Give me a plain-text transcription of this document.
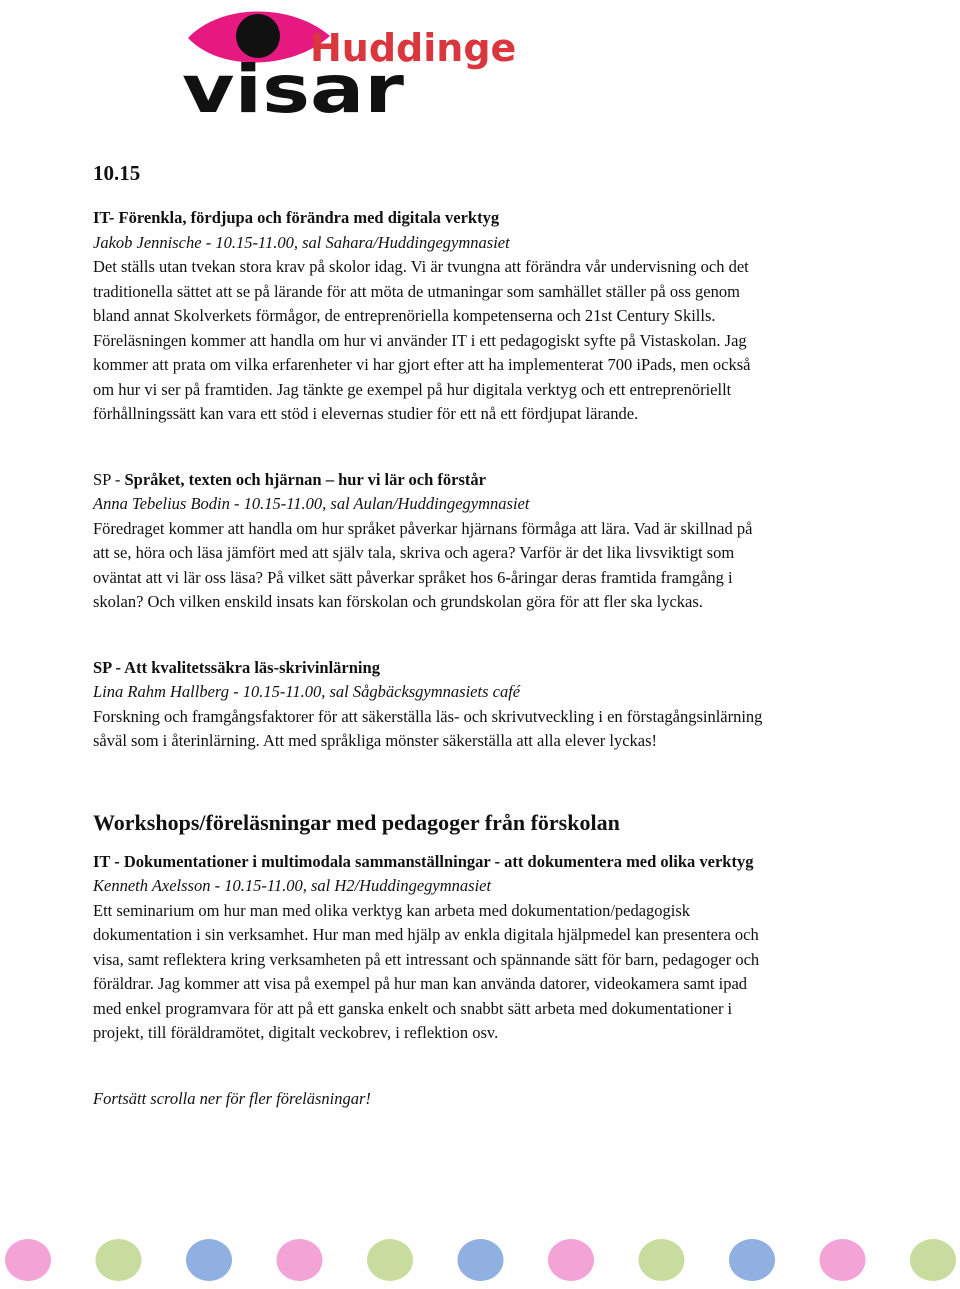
Huddinge
visar
10.15

IT- Förenkla, fördjupa och förändra med digitala verktyg

Jakob Jennische - 10.15-11.00, sal Sahara/Huddingegymnasiet

Det ställs utan tvekan stora krav på skolor idag. Vi är tvungna att förändra vår undervisning och det
traditionella sättet att se på lärande för att möta de utmaningar som samhället ställer på oss genom
bland annat Skolverkets förmågor, de entreprenöriella kompetenserna och 21st Century Skills.
Föreläsningen kommer att handla om hur vi använder IT i ett pedagogiskt syfte på Vistaskolan. Jag
kommer att prata om vilka erfarenheter vi har gjort efter att ha implementerat 700 iPads, men också
om hur vi ser på framtiden. Jag tänkte ge exempel på hur digitala verktyg och ett entreprenöriellt
förhållningssätt kan vara ett stöd i elevernas studier för ett nå ett fördjupat lärande.

SP - Språket, texten och hjärnan – hur vi lär och förstår

Anna Tebelius Bodin - 10.15-11.00, sal Aulan/Huddingegymnasiet

Föredraget kommer att handla om hur språket påverkar hjärnans förmåga att lära. Vad är skillnad på
att se, höra och läsa jämfört med att själv tala, skriva och agera? Varför är det lika livsviktigt som
oväntat att vi lär oss läsa? På vilket sätt påverkar språket hos 6-åringar deras framtida framgång i
skolan? Och vilken enskild insats kan förskolan och grundskolan göra för att fler ska lyckas.

SP - Att kvalitetssäkra läs-skrivinlärning

Lina Rahm Hallberg - 10.15-11.00, sal Sågbäcksgymnasiets café

Forskning och framgångsfaktorer för att säkerställa läs- och skrivutveckling i en förstagångsinlärning
såväl som i återinlärning. Att med språkliga mönster säkerställa att alla elever lyckas!
Workshops/föreläsningar med pedagoger från förskolan

IT - Dokumentationer i multimodala sammanställningar - att dokumentera med olika verktyg

Kenneth Axelsson - 10.15-11.00, sal H2/Huddingegymnasiet

Ett seminarium om hur man med olika verktyg kan arbeta med dokumentation/pedagogisk
dokumentation i sin verksamhet. Hur man med hjälp av enkla digitala hjälpmedel kan presentera och
visa, samt reflektera kring verksamheten på ett intressant och spännande sätt för barn, pedagoger och
föräldrar. Jag kommer att visa på exempel på hur man kan använda datorer, videokamera samt ipad
med enkel programvara för att på ett ganska enkelt och snabbt sätt arbeta med dokumentationer i
projekt, till föräldramötet, digitalt veckobrev, i reflektion osv.

Fortsätt scrolla ner för fler föreläsningar!
